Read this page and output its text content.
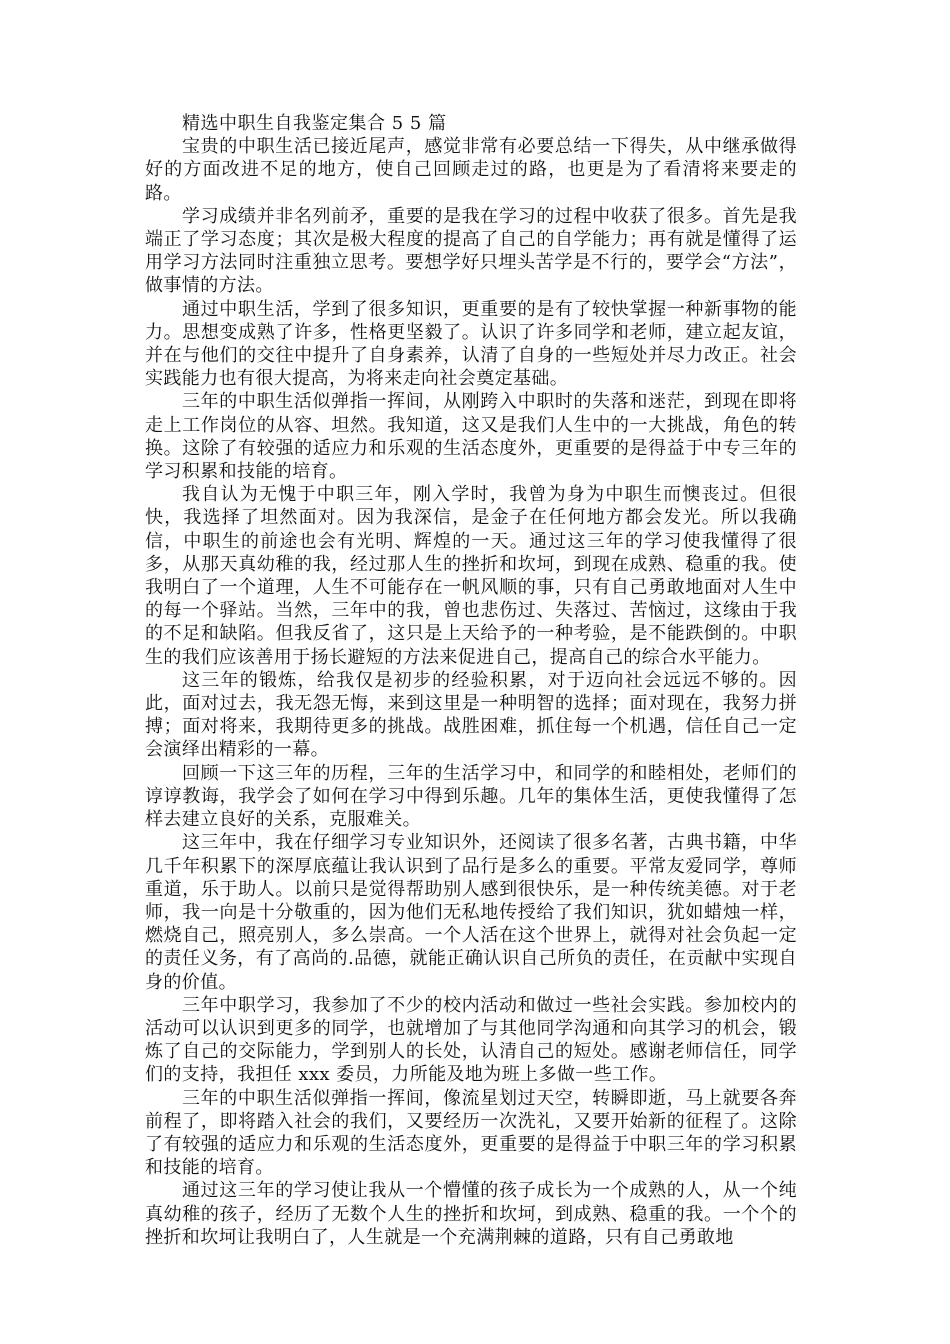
精选中职生自我鉴定集合 5 5 篇

宝贵的中职生活已接近尾声，感觉非常有必要总结一下得失，从中继承做得好的方面改进不足的地方，使自己回顾走过的路，也更是为了看清将来要走的路。

学习成绩并非名列前矛，重要的是我在学习的过程中收获了很多。首先是我端正了学习态度；其次是极大程度的提高了自己的自学能力；再有就是懂得了运用学习方法同时注重独立思考。要想学好只埋头苦学是不行的，要学会“方法”，做事情的方法。

通过中职生活，学到了很多知识，更重要的是有了较快掌握一种新事物的能力。思想变成熟了许多，性格更坚毅了。认识了许多同学和老师，建立起友谊，并在与他们的交往中提升了自身素养，认清了自身的一些短处并尽力改正。社会实践能力也有很大提高，为将来走向社会奠定基础。

三年的中职生活似弹指一挥间，从刚跨入中职时的失落和迷茫，到现在即将走上工作岗位的从容、坦然。我知道，这又是我们人生中的一大挑战，角色的转换。这除了有较强的适应力和乐观的生活态度外，更重要的是得益于中专三年的学习积累和技能的培育。

我自认为无愧于中职三年，刚入学时，我曾为身为中职生而懊丧过。但很快，我选择了坦然面对。因为我深信，是金子在任何地方都会发光。所以我确信，中职生的前途也会有光明、辉煌的一天。通过这三年的学习使我懂得了很多，从那天真幼稚的我，经过那人生的挫折和坎坷，到现在成熟、稳重的我。使我明白了一个道理，人生不可能存在一帆风顺的事，只有自己勇敢地面对人生中的每一个驿站。当然，三年中的我，曾也悲伤过、失落过、苦恼过，这缘由于我的不足和缺陷。但我反省了，这只是上天给予的一种考验，是不能跌倒的。中职生的我们应该善用于扬长避短的方法来促进自己，提高自己的综合水平能力。

这三年的锻炼，给我仅是初步的经验积累，对于迈向社会远远不够的。因此，面对过去，我无怨无悔，来到这里是一种明智的选择；面对现在，我努力拼搏；面对将来，我期待更多的挑战。战胜困难，抓住每一个机遇，信任自己一定会演绎出精彩的一幕。

回顾一下这三年的历程，三年的生活学习中，和同学的和睦相处，老师们的谆谆教诲，我学会了如何在学习中得到乐趣。几年的集体生活，更使我懂得了怎样去建立良好的关系，克服难关。

这三年中，我在仔细学习专业知识外，还阅读了很多名著，古典书籍，中华几千年积累下的深厚底蕴让我认识到了品行是多么的重要。平常友爱同学，尊师重道，乐于助人。以前只是觉得帮助别人感到很快乐，是一种传统美德。对于老师，我一向是十分敬重的，因为他们无私地传授给了我们知识，犹如蜡烛一样，燃烧自己，照亮别人，多么崇高。一个人活在这个世界上，就得对社会负起一定的责任义务，有了高尚的.品德，就能正确认识自己所负的责任，在贡献中实现自身的价值。

三年中职学习，我参加了不少的校内活动和做过一些社会实践。参加校内的活动可以认识到更多的同学，也就增加了与其他同学沟通和向其学习的机会，锻炼了自己的交际能力，学到别人的长处，认清自己的短处。感谢老师信任，同学们的支持，我担任 xxx 委员，力所能及地为班上多做一些工作。

三年的中职生活似弹指一挥间，像流星划过天空，转瞬即逝，马上就要各奔前程了，即将踏入社会的我们，又要经历一次洗礼，又要开始新的征程了。这除了有较强的适应力和乐观的生活态度外，更重要的是得益于中职三年的学习积累和技能的培育。

通过这三年的学习使让我从一个懵懂的孩子成长为一个成熟的人，从一个纯真幼稚的孩子，经历了无数个人生的挫折和坎坷，到成熟、稳重的我。一个个的挫折和坎坷让我明白了，人生就是一个充满荆棘的道路，只有自己勇敢地
